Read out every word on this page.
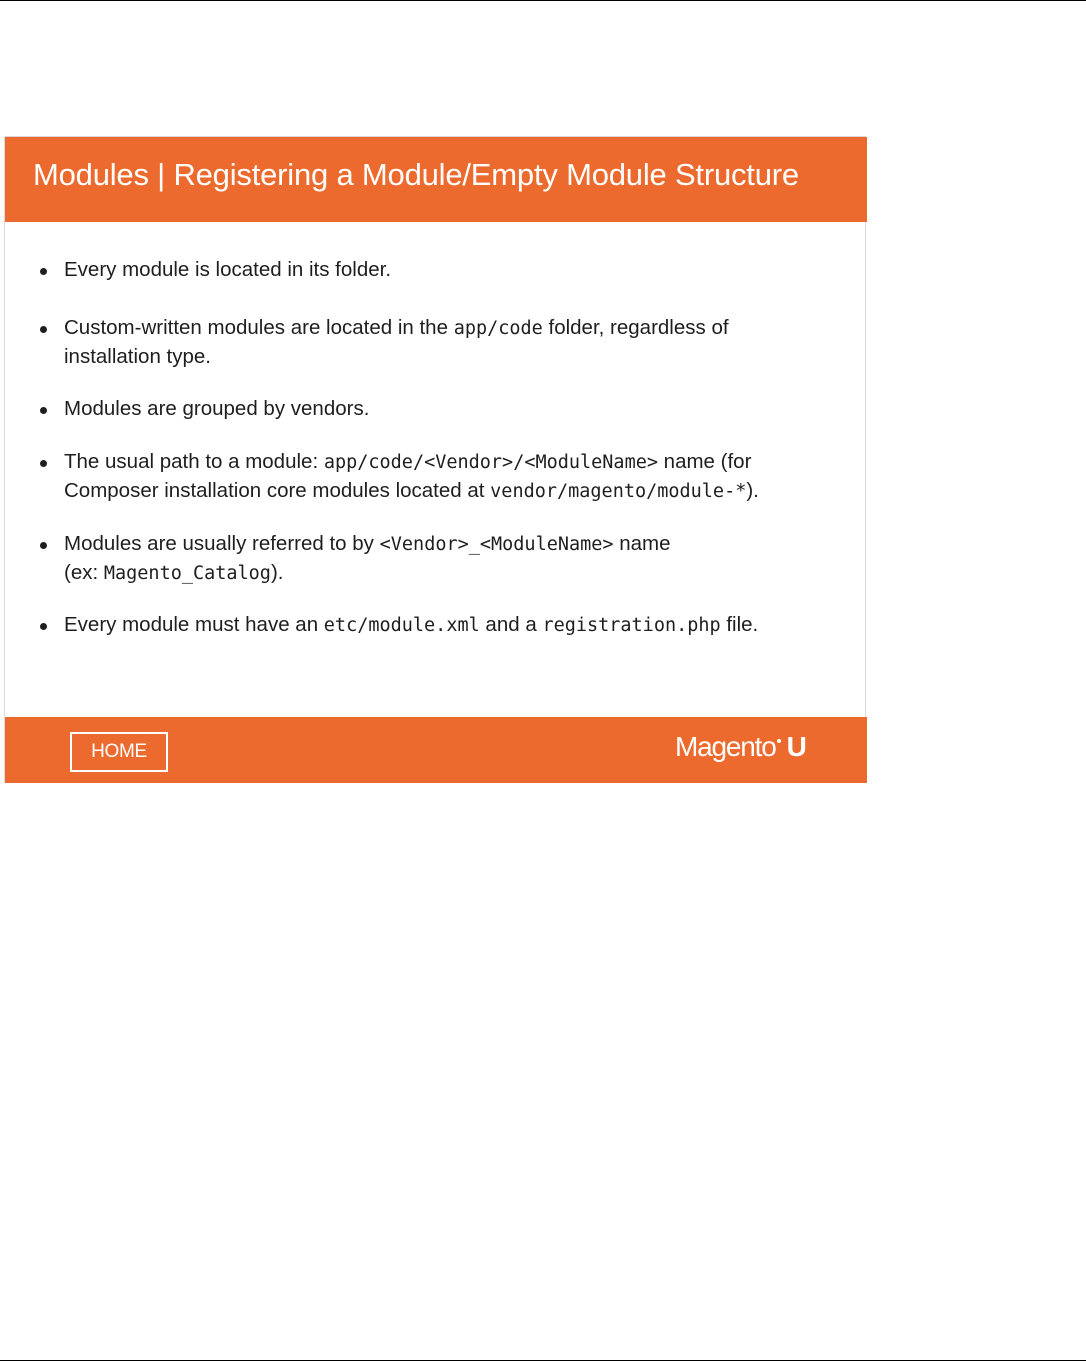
Modules | Registering a Module/Empty Module Structure
Every module is located in its folder.
Custom-written modules are located in the app/code folder, regardless of
installation type.
Modules are grouped by vendors.
The usual path to a module: app/code/<Vendor>/<ModuleName> name (for
Composer installation core modules located at vendor/magento/module-*).
Modules are usually referred to by <Vendor>_<ModuleName> name
(ex: Magento_Catalog).
Every module must have an etc/module.xml and a registration.php file.
HOME	Magento U
